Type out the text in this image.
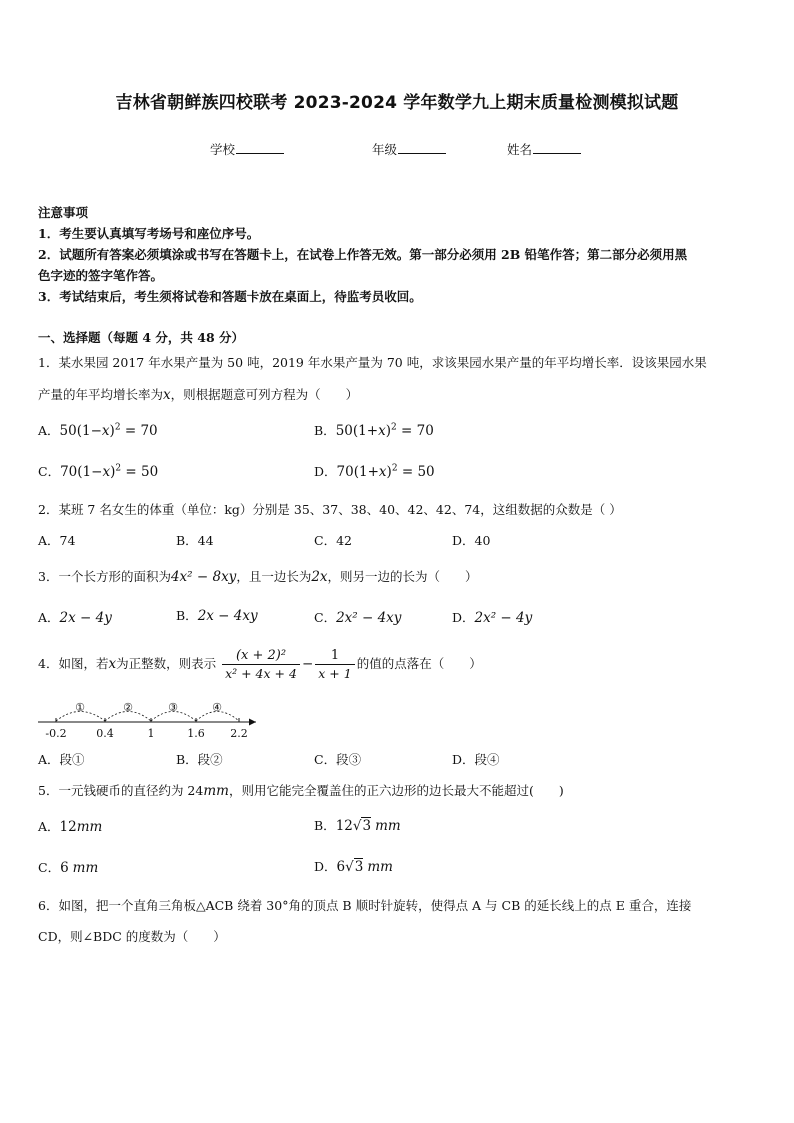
吉林省朝鲜族四校联考 2023-2024 学年数学九上期末质量检测模拟试题
学校	年级	姓名
注意事项
1．考生要认真填写考场号和座位序号。
2．试题所有答案必须填涂或书写在答题卡上，在试卷上作答无效。第一部分必须用 2B 铅笔作答；第二部分必须用黑
色字迹的签字笔作答。
3．考试结束后，考生须将试卷和答题卡放在桌面上，待监考员收回。
一、选择题（每题 4 分，共 48 分）
1．某水果园 2017 年水果产量为 50 吨，2019 年水果产量为 70 吨，求该果园水果产量的年平均增长率．设该果园水果
产量的年平均增长率为x，则根据题意可列方程为（　　）
A．$50(1-x)^2 = 70$	B．$50(1+x)^2 = 70$
C．$70(1-x)^2 = 50$	D．$70(1+x)^2 = 50$
2．某班 7 名女生的体重（单位：kg）分别是 35、37、38、40、42、42、74，这组数据的众数是（ ）
A．74	B．44	C．42	D．40
3．一个长方形的面积为4x² − 8xy，且一边长为2x，则另一边的长为（　　）
A．2x − 4y	B．2x − 4xy	C．2x² − 4xy	D．2x² − 4y
4．如图，若x为正整数，则表示 $\frac{\text{(x + 2)²}}{\text{x² + 4x + 4}} - \frac{1}{x + 1}$ 的值的点落在（　　）
①	②	③	④
-0.2	0.4	1	1.6 2.2
A．段①	B．段②	C．段③	D．段④
5．一元钱硬币的直径约为 24mm，则用它能完全覆盖住的正六边形的边长最大不能超过(　　)
A．12mm	B．12√3 mm
C．6 mm	D．6√3 mm
6．如图，把一个直角三角板△ACB 绕着 30°角的顶点 B 顺时针旋转，使得点 A 与 CB 的延长线上的点 E 重合，连接
CD，则∠BDC 的度数为（　　）
